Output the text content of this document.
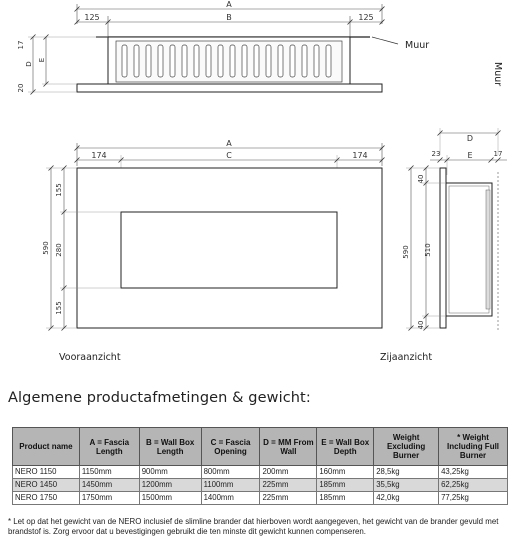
A
125	B	125
17
D
E
20
Muur
A
174	C	174
590
155
280
155
Vooraanzicht
Muur
D
23	E	17
590
40
510
40
Zijaanzicht
Algemene productafmetingen & gewicht:
Product name	A = Fascia Length	B = Wall Box Length	C = Fascia Opening	D = MM From Wall	E = Wall Box Depth	Weight Excluding Burner	* Weight Including Full Burner
NERO 1150	1150mm	900mm	800mm	200mm	160mm	28,5kg	43,25kg
NERO 1450	1450mm	1200mm	1100mm	225mm	185mm	35,5kg	62,25kg
NERO 1750	1750mm	1500mm	1400mm	225mm	185mm	42,0kg	77,25kg
* Let op dat het gewicht van de NERO inclusief de slimline brander dat hierboven wordt aangegeven, het gewicht van de brander gevuld met brandstof is. Zorg ervoor dat u bevestigingen gebruikt die ten minste dit gewicht kunnen compenseren.
